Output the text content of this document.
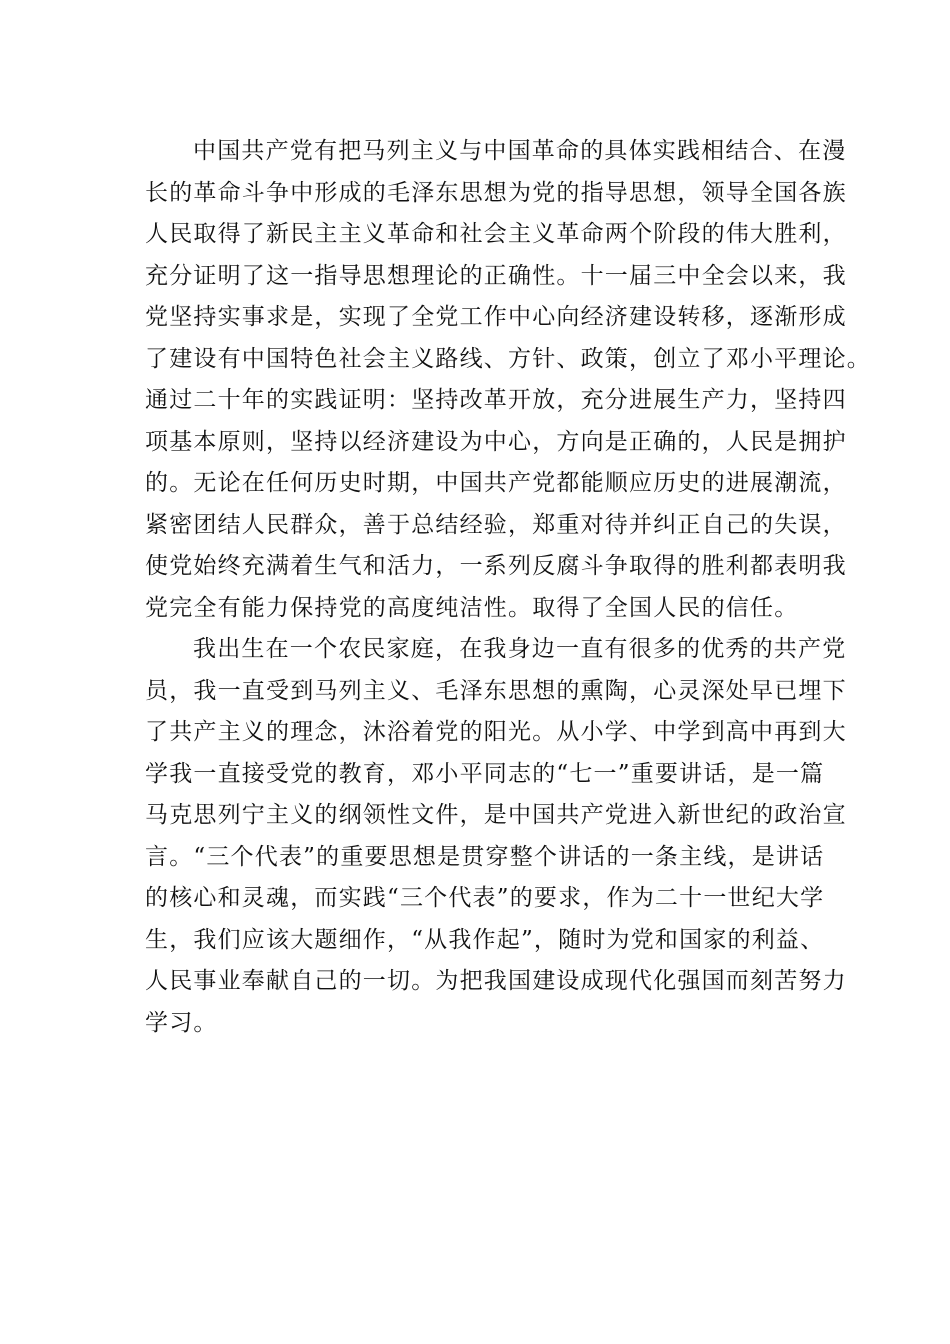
中国共产党有把马列主义与中国革命的具体实践相结合、在漫
长的革命斗争中形成的毛泽东思想为党的指导思想，领导全国各族
人民取得了新民主主义革命和社会主义革命两个阶段的伟大胜利，
充分证明了这一指导思想理论的正确性。十一届三中全会以来，我
党坚持实事求是，实现了全党工作中心向经济建设转移，逐渐形成
了建设有中国特色社会主义路线、方针、政策，创立了邓小平理论。
通过二十年的实践证明：坚持改革开放，充分进展生产力，坚持四
项基本原则，坚持以经济建设为中心，方向是正确的，人民是拥护
的。无论在任何历史时期，中国共产党都能顺应历史的进展潮流，
紧密团结人民群众，善于总结经验，郑重对待并纠正自己的失误，
使党始终充满着生气和活力，一系列反腐斗争取得的胜利都表明我
党完全有能力保持党的高度纯洁性。取得了全国人民的信任。
我出生在一个农民家庭，在我身边一直有很多的优秀的共产党
员，我一直受到马列主义、毛泽东思想的熏陶，心灵深处早已埋下
了共产主义的理念，沐浴着党的阳光。从小学、中学到高中再到大
学我一直接受党的教育，邓小平同志的“七一”重要讲话，是一篇
马克思列宁主义的纲领性文件，是中国共产党进入新世纪的政治宣
言。“三个代表”的重要思想是贯穿整个讲话的一条主线，是讲话
的核心和灵魂，而实践“三个代表”的要求，作为二十一世纪大学
生，我们应该大题细作，“从我作起”，随时为党和国家的利益、
人民事业奉献自己的一切。为把我国建设成现代化强国而刻苦努力
学习。
